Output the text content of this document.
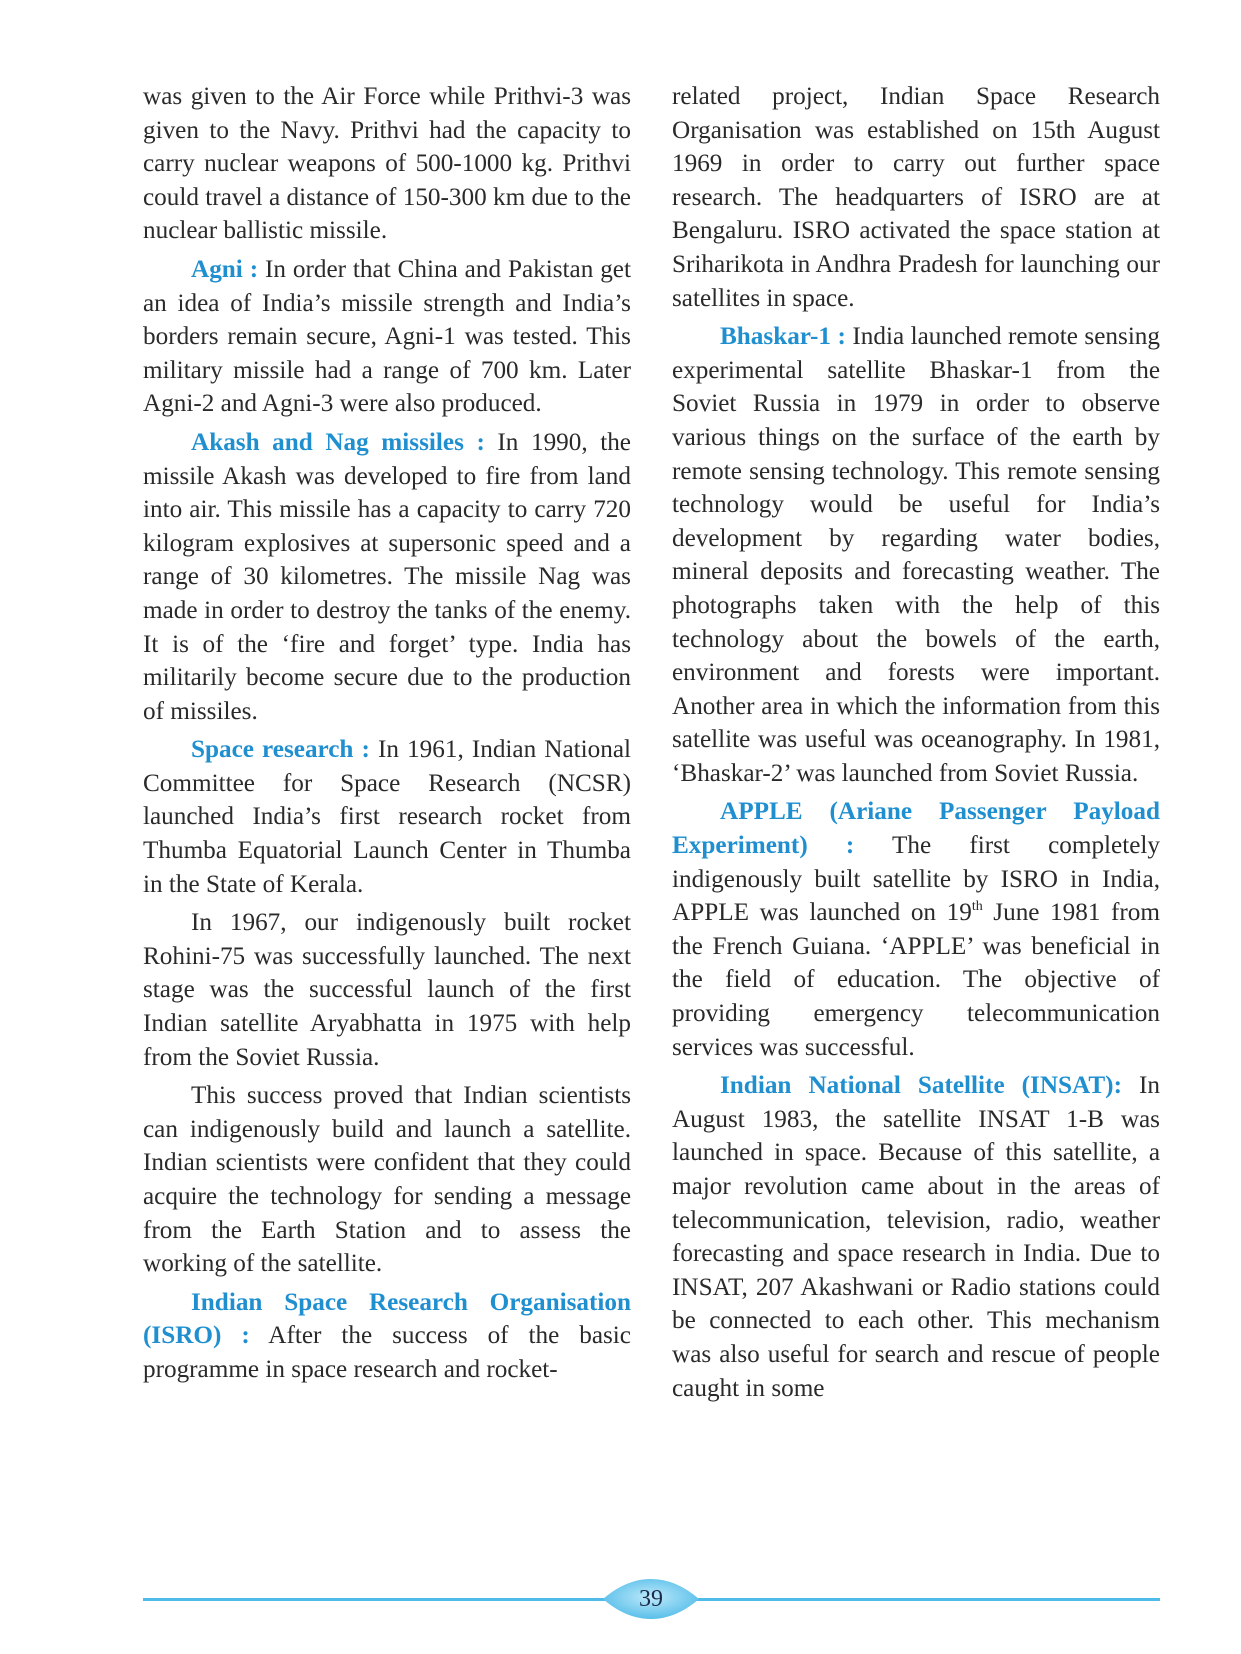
was given to the Air Force while Prithvi-3 was given to the Navy. Prithvi had the capacity to carry nuclear weapons of 500-1000 kg. Prithvi could travel a distance of 150-300 km due to the nuclear ballistic missile.

Agni : In order that China and Pakistan get an idea of India’s missile strength and India’s borders remain secure, Agni-1 was tested. This military missile had a range of 700 km. Later Agni-2 and Agni-3 were also produced.

Akash and Nag missiles : In 1990, the missile Akash was developed to fire from land into air. This missile has a capacity to carry 720 kilogram explosives at supersonic speed and a range of 30 kilometres. The missile Nag was made in order to destroy the tanks of the enemy. It is of the ‘fire and forget’ type. India has militarily become secure due to the production of missiles.

Space research : In 1961, Indian National Committee for Space Research (NCSR) launched India’s first research rocket from Thumba Equatorial Launch Center in Thumba in the State of Kerala.

In 1967, our indigenously built rocket Rohini-75 was successfully launched. The next stage was the successful launch of the first Indian satellite Aryabhatta in 1975 with help from the Soviet Russia.

This success proved that Indian scientists can indigenously build and launch a satellite. Indian scientists were confident that they could acquire the technology for sending a message from the Earth Station and to assess the working of the satellite.

Indian Space Research Organisation (ISRO) : After the success of the basic programme in space research and rocket-

related project, Indian Space Research Organisation was established on 15th August 1969 in order to carry out further space research. The headquarters of ISRO are at Bengaluru. ISRO activated the space station at Sriharikota in Andhra Pradesh for launching our satellites in space.

Bhaskar-1 : India launched remote sensing experimental satellite Bhaskar-1 from the Soviet Russia in 1979 in order to observe various things on the surface of the earth by remote sensing technology. This remote sensing technology would be useful for India’s development by regarding water bodies, mineral deposits and forecasting weather. The photographs taken with the help of this technology about the bowels of the earth, environment and forests were important. Another area in which the information from this satellite was useful was oceanography. In 1981, ‘Bhaskar-2’ was launched from Soviet Russia.

APPLE (Ariane Passenger Payload Experiment) : The first completely indigenously built satellite by ISRO in India, APPLE was launched on 19th June 1981 from the French Guiana. ‘APPLE’ was beneficial in the field of education. The objective of providing emergency telecommunication services was successful.

Indian National Satellite (INSAT): In August 1983, the satellite INSAT 1-B was launched in space. Because of this satellite, a major revolution came about in the areas of telecommunication, television, radio, weather forecasting and space research in India. Due to INSAT, 207 Akashwani or Radio stations could be connected to each other. This mechanism was also useful for search and rescue of people caught in some

39
